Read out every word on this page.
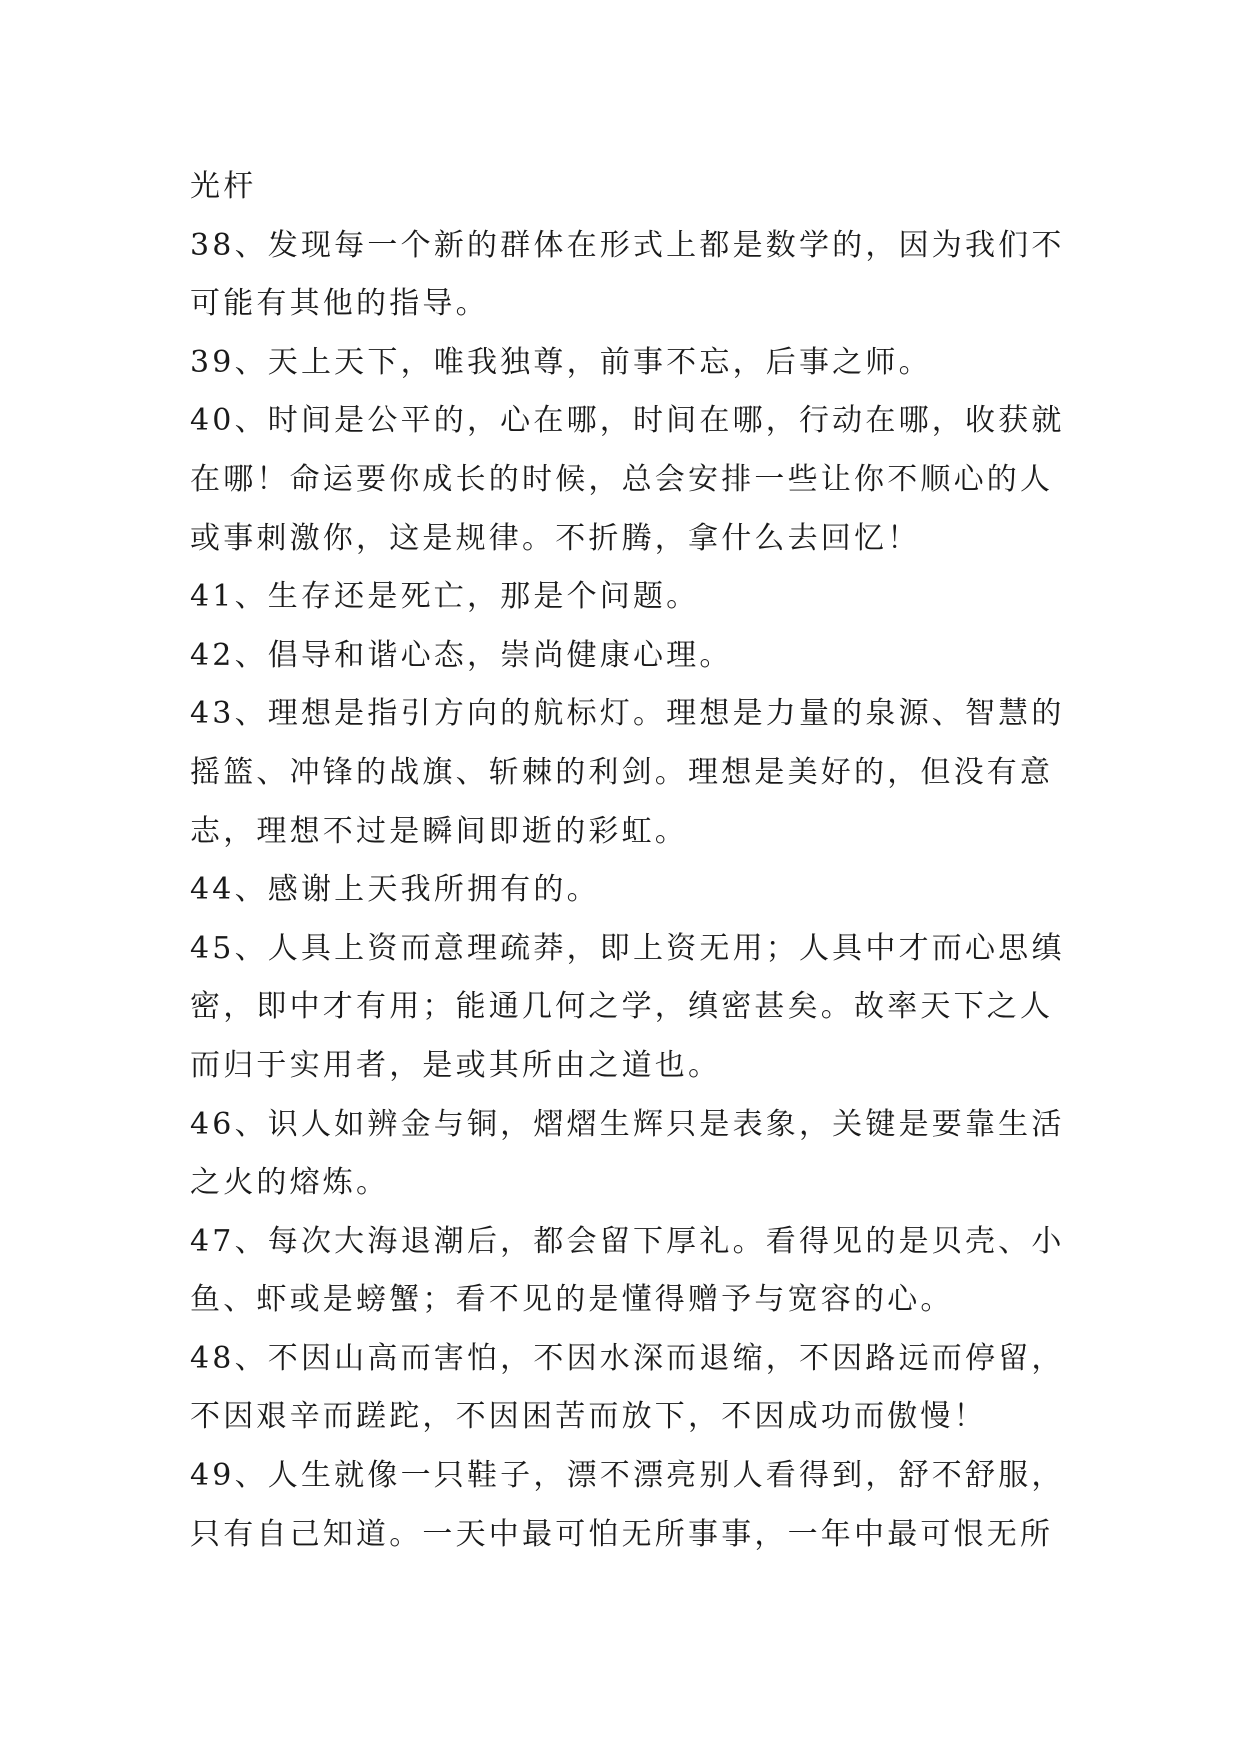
光杆

38、发现每一个新的群体在形式上都是数学的，因为我们不

可能有其他的指导。

39、天上天下，唯我独尊，前事不忘，后事之师。

40、时间是公平的，心在哪，时间在哪，行动在哪，收获就

在哪！命运要你成长的时候，总会安排一些让你不顺心的人

或事刺激你，这是规律。不折腾，拿什么去回忆！

41、生存还是死亡，那是个问题。

42、倡导和谐心态，崇尚健康心理。

43、理想是指引方向的航标灯。理想是力量的泉源、智慧的

摇篮、冲锋的战旗、斩棘的利剑。理想是美好的，但没有意

志，理想不过是瞬间即逝的彩虹。

44、感谢上天我所拥有的。

45、人具上资而意理疏莽，即上资无用；人具中才而心思缜

密，即中才有用；能通几何之学，缜密甚矣。故率天下之人

而归于实用者，是或其所由之道也。

46、识人如辨金与铜，熠熠生辉只是表象，关键是要靠生活

之火的熔炼。

47、每次大海退潮后，都会留下厚礼。看得见的是贝壳、小

鱼、虾或是螃蟹；看不见的是懂得赠予与宽容的心。

48、不因山高而害怕，不因水深而退缩，不因路远而停留，

不因艰辛而蹉跎，不因困苦而放下，不因成功而傲慢！

49、人生就像一只鞋子，漂不漂亮别人看得到，舒不舒服，

只有自己知道。一天中最可怕无所事事，一年中最可恨无所
